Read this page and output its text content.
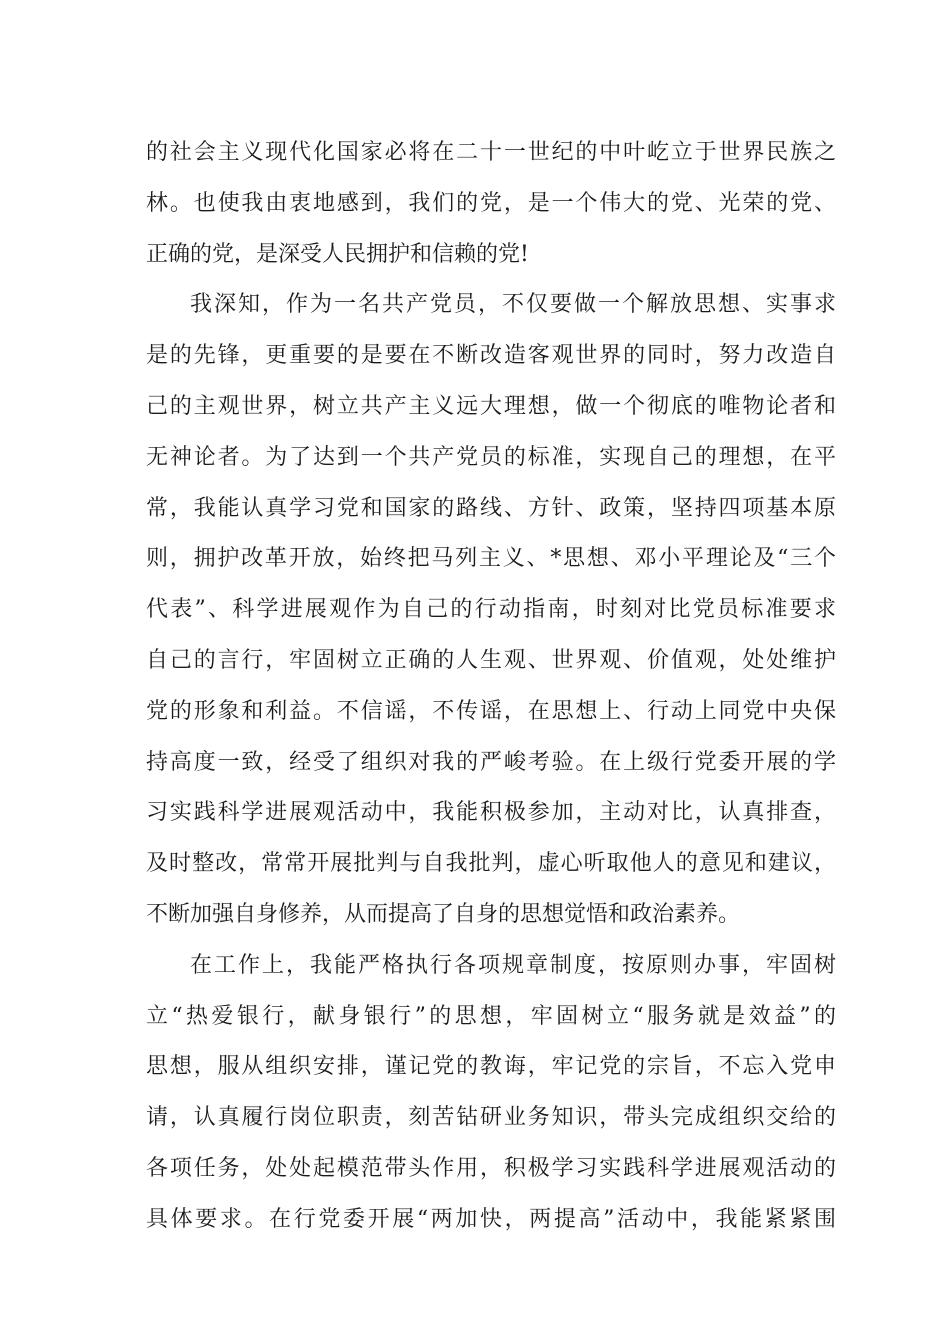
的社会主义现代化国家必将在二十一世纪的中叶屹立于世界民族之
林。也使我由衷地感到，我们的党，是一个伟大的党、光荣的党、
正确的党，是深受人民拥护和信赖的党!
我深知，作为一名共产党员，不仅要做一个解放思想、实事求
是的先锋，更重要的是要在不断改造客观世界的同时，努力改造自
己的主观世界，树立共产主义远大理想，做一个彻底的唯物论者和
无神论者。为了达到一个共产党员的标准，实现自己的理想，在平
常，我能认真学习党和国家的路线、方针、政策，坚持四项基本原
则，拥护改革开放，始终把马列主义、*思想、邓小平理论及“三个
代表”、科学进展观作为自己的行动指南，时刻对比党员标准要求
自己的言行，牢固树立正确的人生观、世界观、价值观，处处维护
党的形象和利益。不信谣，不传谣，在思想上、行动上同党中央保
持高度一致，经受了组织对我的严峻考验。在上级行党委开展的学
习实践科学进展观活动中，我能积极参加，主动对比，认真排查，
及时整改，常常开展批判与自我批判，虚心听取他人的意见和建议，
不断加强自身修养，从而提高了自身的思想觉悟和政治素养。
在工作上，我能严格执行各项规章制度，按原则办事，牢固树
立“热爱银行，献身银行”的思想，牢固树立“服务就是效益”的
思想，服从组织安排，谨记党的教诲，牢记党的宗旨，不忘入党申
请，认真履行岗位职责，刻苦钻研业务知识，带头完成组织交给的
各项任务，处处起模范带头作用，积极学习实践科学进展观活动的
具体要求。在行党委开展“两加快，两提高”活动中，我能紧紧围
